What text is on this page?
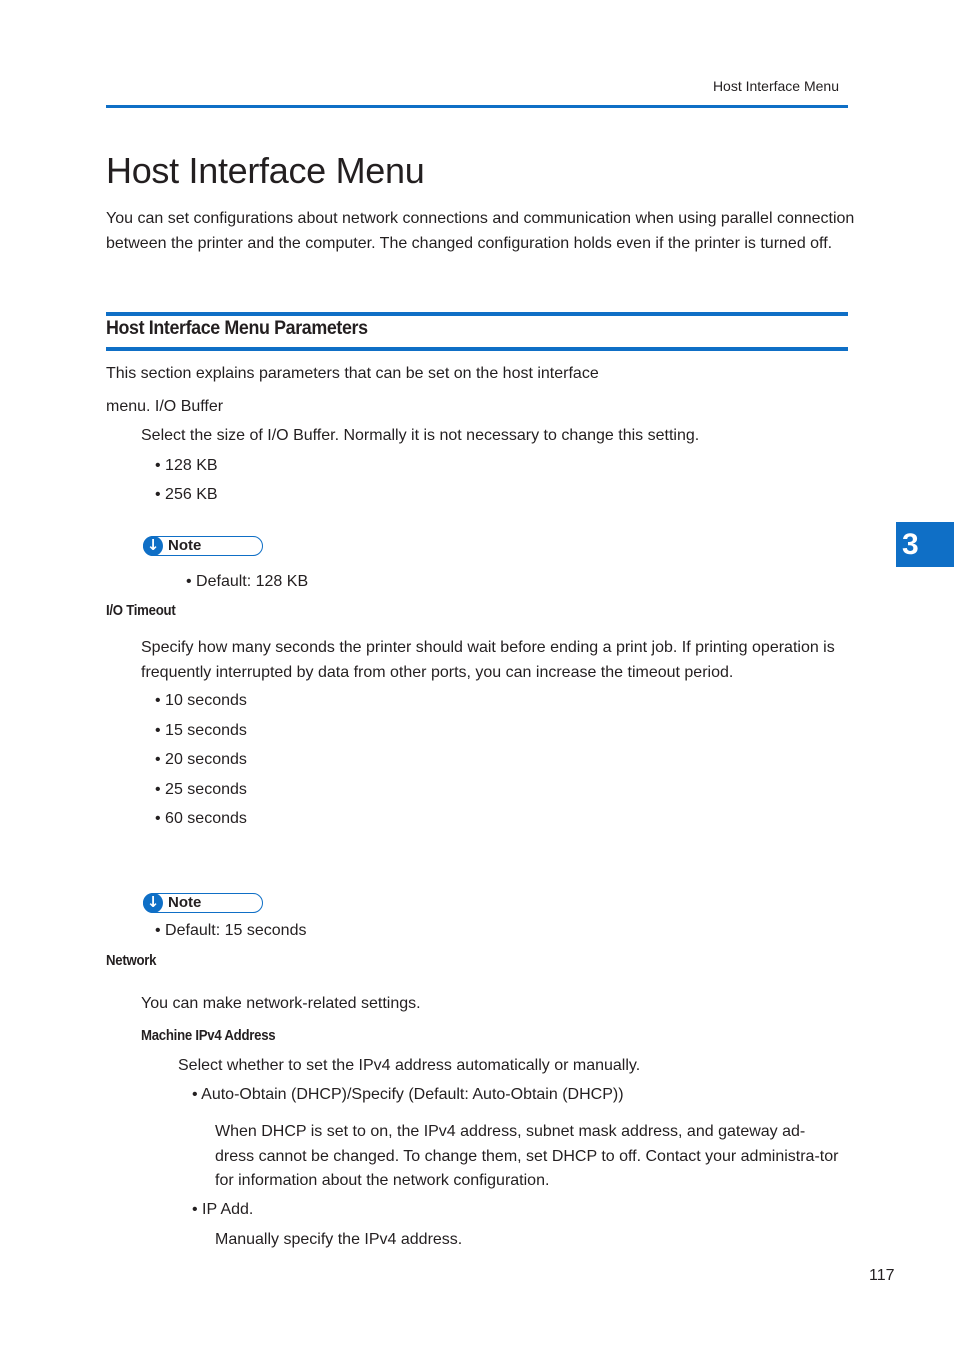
Host Interface Menu
Host Interface Menu
You can set configurations about network connections and communication when using parallel connection between the printer and the computer. The changed configuration holds even if the printer is turned off.
Host Interface Menu Parameters
This section explains parameters that can be set on the host interface
menu. I/O Buffer
Select the size of I/O Buffer. Normally it is not necessary to change this setting.
• 128 KB
• 256 KB
↓ Note
• Default: 128 KB
I/O Timeout
Specify how many seconds the printer should wait before ending a print job. If printing operation is frequently interrupted by data from other ports, you can increase the timeout period.
• 10 seconds
• 15 seconds
• 20 seconds
• 25 seconds
• 60 seconds
↓ Note
• Default: 15 seconds
Network
You can make network-related settings.
Machine IPv4 Address
Select whether to set the IPv4 address automatically or manually.
• Auto-Obtain (DHCP)/Specify (Default: Auto-Obtain (DHCP))
When DHCP is set to on, the IPv4 address, subnet mask address, and gateway ad-dress cannot be changed. To change them, set DHCP to off. Contact your administra-tor for information about the network configuration.
• IP Add.
Manually specify the IPv4 address.
3
117
